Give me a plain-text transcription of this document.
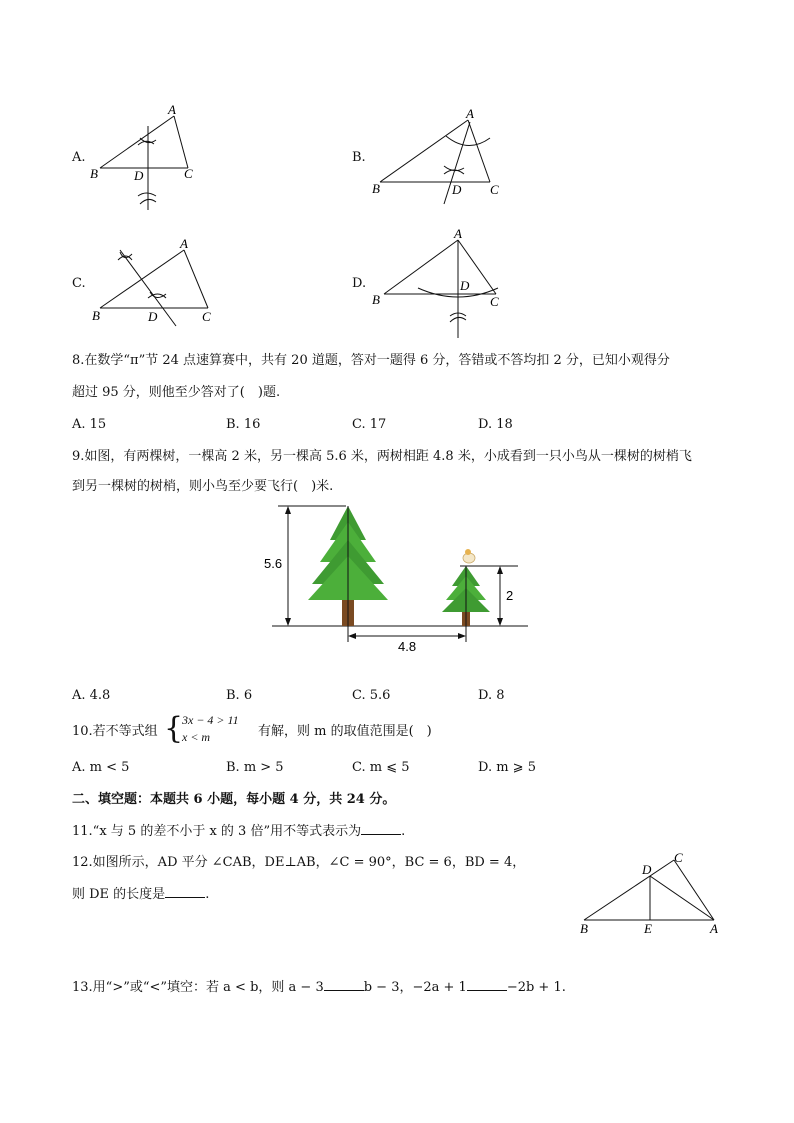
A.
A
B	C
D
B.
A
B	C
D
C.
A
B	C
D
D.
A
B	C
D
8.在数学“π”节 24 点速算赛中，共有 20 道题，答对一题得 6 分，答错或不答均扣 2 分，已知小观得分
超过 95 分，则他至少答对了(　)题.
A. 15	B. 16	C. 17	D. 18
9.如图，有两棵树，一棵高 2 米，另一棵高 5.6 米，两树相距 4.8 米，小成看到一只小鸟从一棵树的树梢飞
到另一棵树的树梢，则小鸟至少要飞行(　)米.
5.6
2
4.8
A. 4.8	B. 6	C. 5.6	D. 8
10.若不等式组 {
3x − 4 > 11
x < m	有解，则 m 的取值范围是(　)
A. m < 5	B. m > 5	C. m ⩽ 5	D. m ⩾ 5
二、填空题：本题共 6 小题，每小题 4 分，共 24 分。
11.“x 与 5 的差不小于 x 的 3 倍”用不等式表示为	.
12.如图所示，AD 平分 ∠CAB，DE⊥AB，∠C = 90°，BC = 6，BD = 4，
则 DE 的长度是	.
C
D
B	E	A
13.用“>”或“<”填空：若 a < b，则 a − 3	b − 3，−2a + 1	−2b + 1.
